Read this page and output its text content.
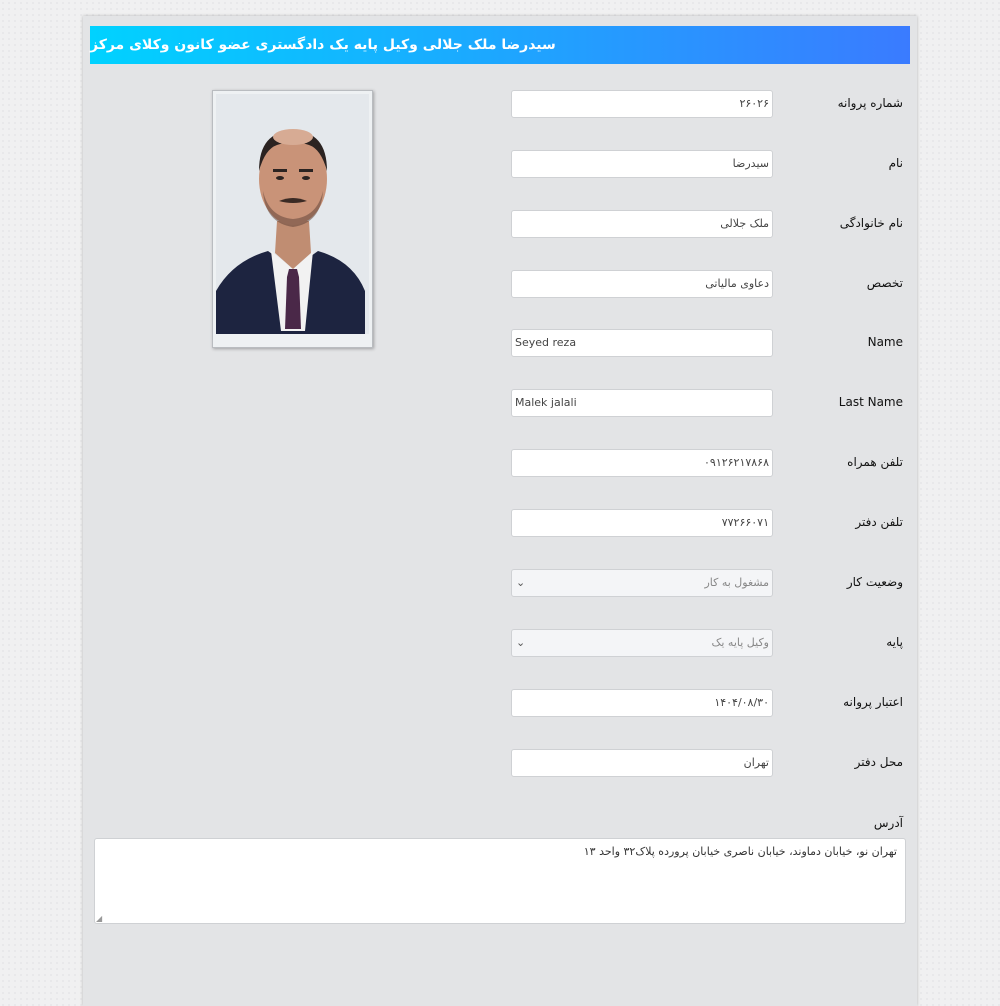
سیدرضا ملک جلالی وکیل پایه یک دادگستری عضو کانون وکلای مرکز
شماره پروانه
۲۶۰۲۶
نام
سیدرضا
نام خانوادگی
ملک جلالی
تخصص
دعاوی مالیاتی
Name
Seyed reza
Last Name
Malek jalali
تلفن همراه
۰۹۱۲۶۲۱۷۸۶۸
تلفن دفتر
۷۷۲۶۶۰۷۱
وضعیت کار
مشغول به کار
⌄
پایه
وکیل پایه یک
⌄
اعتبار پروانه
۱۴۰۴/۰۸/۳۰
محل دفتر
تهران
آدرس
تهران نو، خیابان دماوند، خیابان ناصری خیابان پرورده پلاک۳۲ واحد ۱۳
◢
